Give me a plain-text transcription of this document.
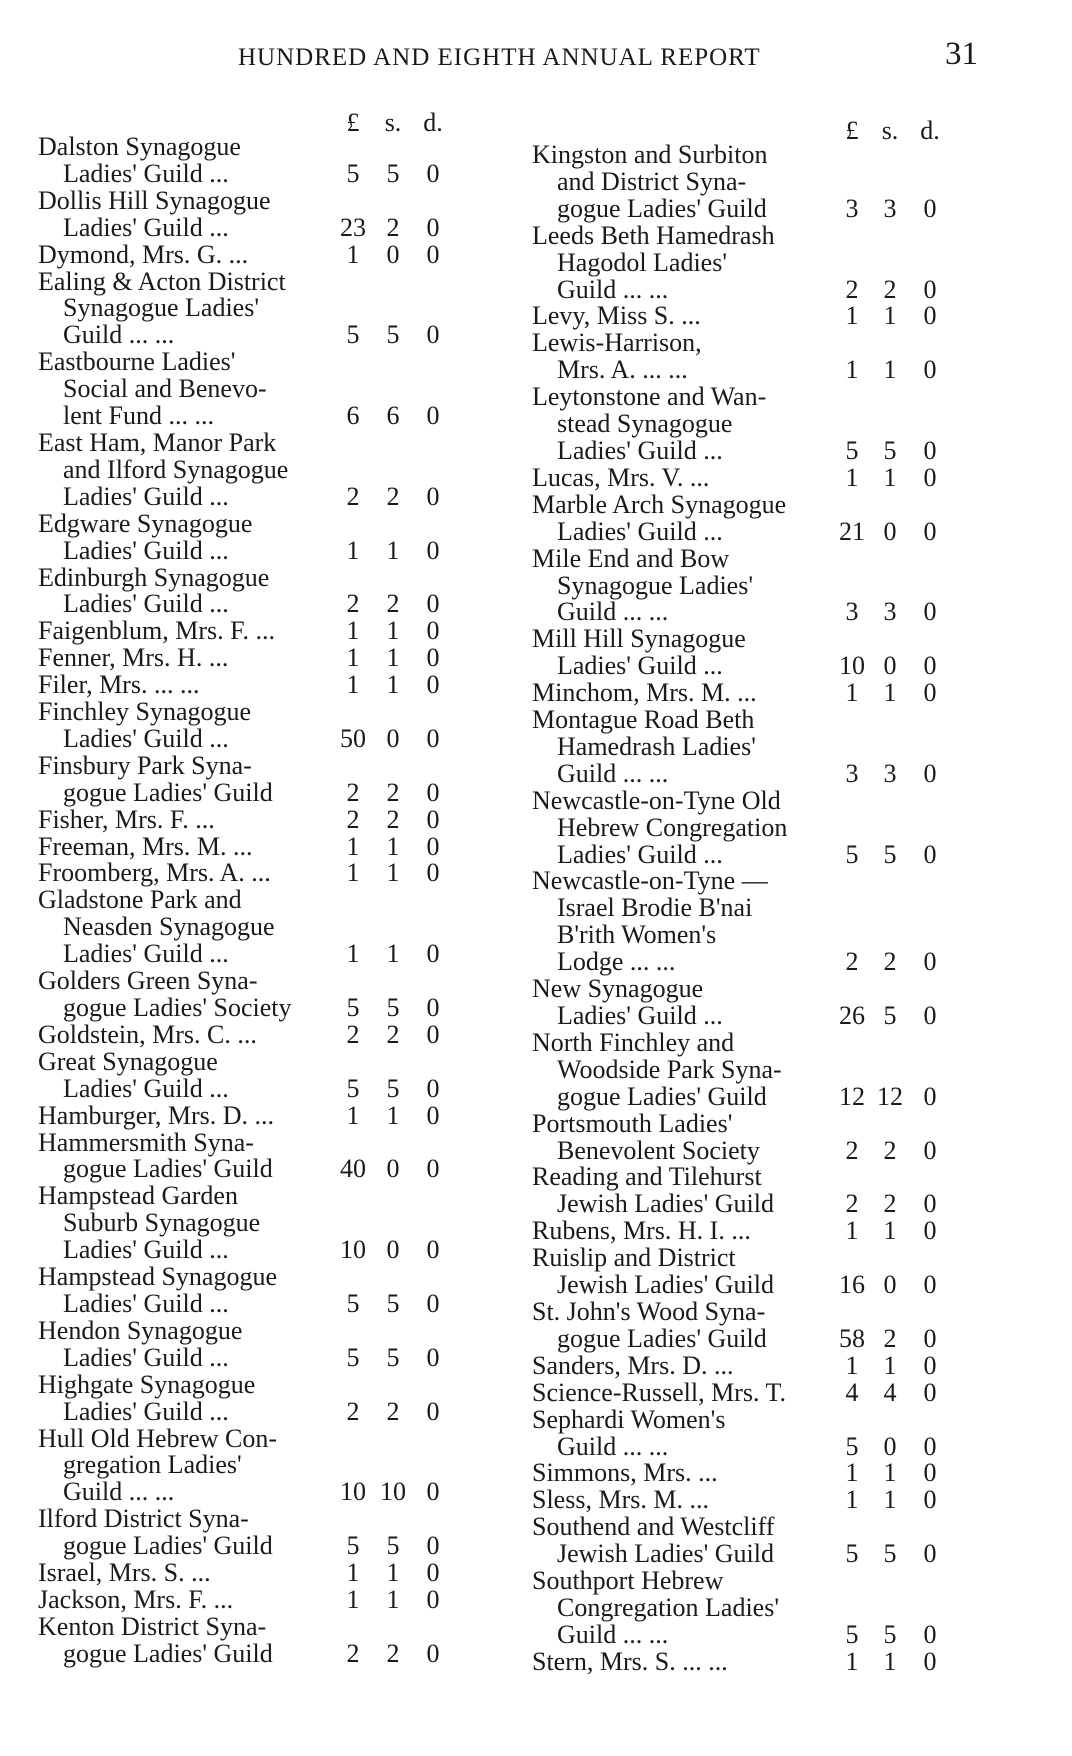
HUNDRED AND EIGHTH ANNUAL REPORT	31
£ s. d.
Dalston Synagogue
Ladies' Guild ...	5	5	0
Dollis Hill Synagogue
Ladies' Guild ...	23 2	0
Dymond, Mrs. G. ...	1	0	0
Ealing & Acton District
Synagogue Ladies'
Guild ... ...	5	5	0
Eastbourne Ladies'
Social and Benevo-
lent Fund ... ...	6	6	0
East Ham, Manor Park
and Ilford Synagogue
Ladies' Guild ...	2	2	0
Edgware Synagogue
Ladies' Guild ...	1	1	0
Edinburgh Synagogue
Ladies' Guild ...	2	2	0
Faigenblum, Mrs. F. ...	1	1	0
Fenner, Mrs. H. ...	1	1	0
Filer, Mrs. ... ...	1	1	0
Finchley Synagogue
Ladies' Guild ...	50 0	0
Finsbury Park Syna-
gogue Ladies' Guild	2	2	0
Fisher, Mrs. F. ...	2	2	0
Freeman, Mrs. M. ...	1	1	0
Froomberg, Mrs. A. ...	1	1	0
Gladstone Park and
Neasden Synagogue
Ladies' Guild ...	1	1	0
Golders Green Syna-
gogue Ladies' Society	5	5	0
Goldstein, Mrs. C. ...	2	2	0
Great Synagogue
Ladies' Guild ...	5	5	0
Hamburger, Mrs. D. ...	1	1	0
Hammersmith Syna-
gogue Ladies' Guild	40 0	0
Hampstead Garden
Suburb Synagogue
Ladies' Guild ...	10 0	0
Hampstead Synagogue
Ladies' Guild ...	5	5	0
Hendon Synagogue
Ladies' Guild ...	5	5	0
Highgate Synagogue
Ladies' Guild ...	2	2	0
Hull Old Hebrew Con-
gregation Ladies'
Guild ... ...	10 10 0
Ilford District Syna-
gogue Ladies' Guild	5	5	0
Israel, Mrs. S. ...	1	1	0
Jackson, Mrs. F. ...	1	1	0
Kenton District Syna-
gogue Ladies' Guild	2	2	0
£ s. d.
Kingston and Surbiton
and District Syna-
gogue Ladies' Guild	3 3	0
Leeds Beth Hamedrash
Hagodol Ladies'
Guild ... ...	2 2	0
Levy, Miss S. ...	1 1	0
Lewis-Harrison,
Mrs. A. ... ...	1 1	0
Leytonstone and Wan-
stead Synagogue
Ladies' Guild ...	5 5	0
Lucas, Mrs. V. ...	1 1	0
Marble Arch Synagogue
Ladies' Guild ...	21 0	0
Mile End and Bow
Synagogue Ladies'
Guild ... ...	3 3	0
Mill Hill Synagogue
Ladies' Guild ...	10 0	0
Minchom, Mrs. M. ...	1 1	0
Montague Road Beth
Hamedrash Ladies'
Guild ... ...	3 3	0
Newcastle-on-Tyne Old
Hebrew Congregation
Ladies' Guild ...	5 5	0
Newcastle-on-Tyne —
Israel Brodie B'nai
B'rith Women's
Lodge ... ...	2 2	0
New Synagogue
Ladies' Guild ...	26 5	0
North Finchley and
Woodside Park Syna-
gogue Ladies' Guild	12 12 0
Portsmouth Ladies'
Benevolent Society	2 2	0
Reading and Tilehurst
Jewish Ladies' Guild	2 2	0
Rubens, Mrs. H. I. ...	1 1	0
Ruislip and District
Jewish Ladies' Guild	16 0	0
St. John's Wood Syna-
gogue Ladies' Guild	58 2	0
Sanders, Mrs. D. ...	1 1	0
Science-Russell, Mrs. T.	4 4	0
Sephardi Women's
Guild ... ...	5 0	0
Simmons, Mrs. ...	1 1	0
Sless, Mrs. M. ...	1 1	0
Southend and Westcliff
Jewish Ladies' Guild	5 5	0
Southport Hebrew
Congregation Ladies'
Guild ... ...	5 5	0
Stern, Mrs. S. ... ...	1 1	0
